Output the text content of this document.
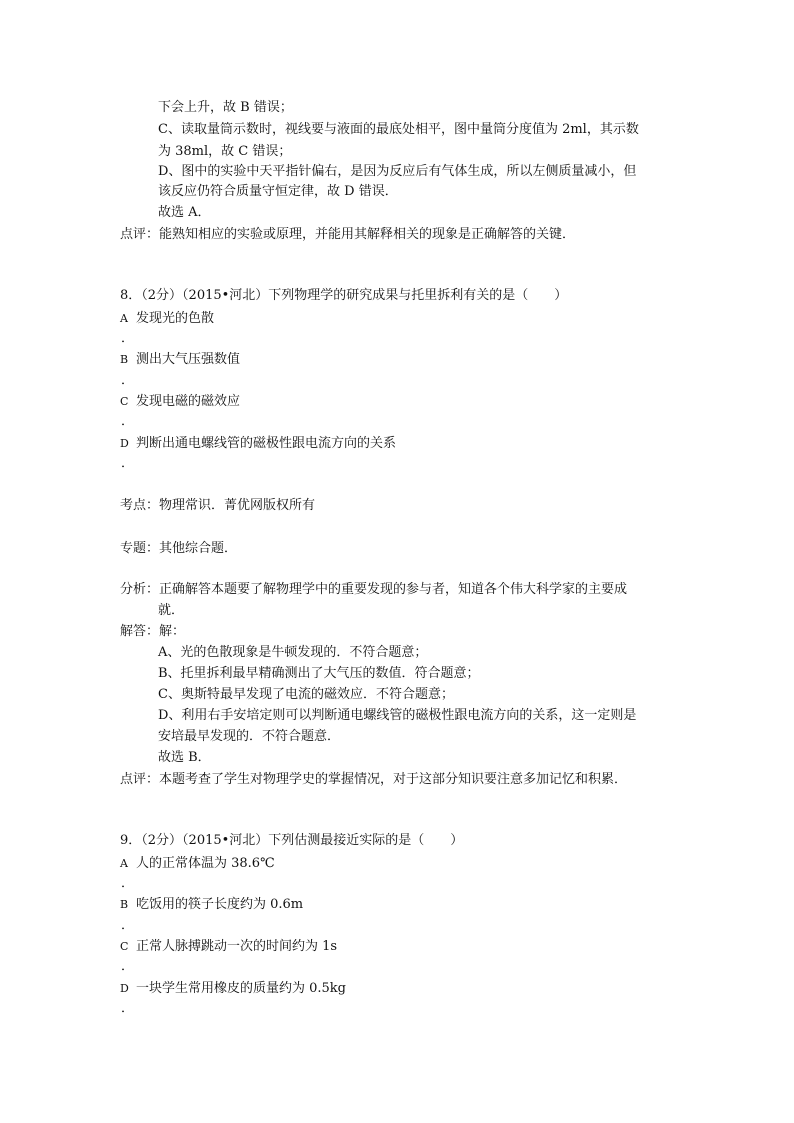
下会上升，故 B 错误；
C、读取量筒示数时，视线要与液面的最底处相平，图中量筒分度值为 2ml，其示数
为 38ml，故 C 错误；
D、图中的实验中天平指针偏右，是因为反应后有气体生成，所以左侧质量减小，但
该反应仍符合质量守恒定律，故 D 错误．
故选 A．
点评：能熟知相应的实验或原理，并能用其解释相关的现象是正确解答的关键．
8．（2分）（2015•河北）下列物理学的研究成果与托里拆利有关的是（　　）
A 发现光的色散
．
B 测出大气压强数值
．
C 发现电磁的磁效应
．
D 判断出通电螺线管的磁极性跟电流方向的关系
．
考点：物理常识．菁优网版权所有
专题：其他综合题．
分析：正确解答本题要了解物理学中的重要发现的参与者，知道各个伟大科学家的主要成
就．
解答：解：
A、光的色散现象是牛顿发现的．不符合题意；
B、托里拆利最早精确测出了大气压的数值．符合题意；
C、奥斯特最早发现了电流的磁效应．不符合题意；
D、利用右手安培定则可以判断通电螺线管的磁极性跟电流方向的关系，这一定则是
安培最早发现的．不符合题意．
故选 B．
点评：本题考查了学生对物理学史的掌握情况，对于这部分知识要注意多加记忆和积累．
9．（2分）（2015•河北）下列估测最接近实际的是（　　）
A 人的正常体温为 38.6℃
．
B 吃饭用的筷子长度约为 0.6m
．
C 正常人脉搏跳动一次的时间约为 1s
．
D 一块学生常用橡皮的质量约为 0.5kg
．
